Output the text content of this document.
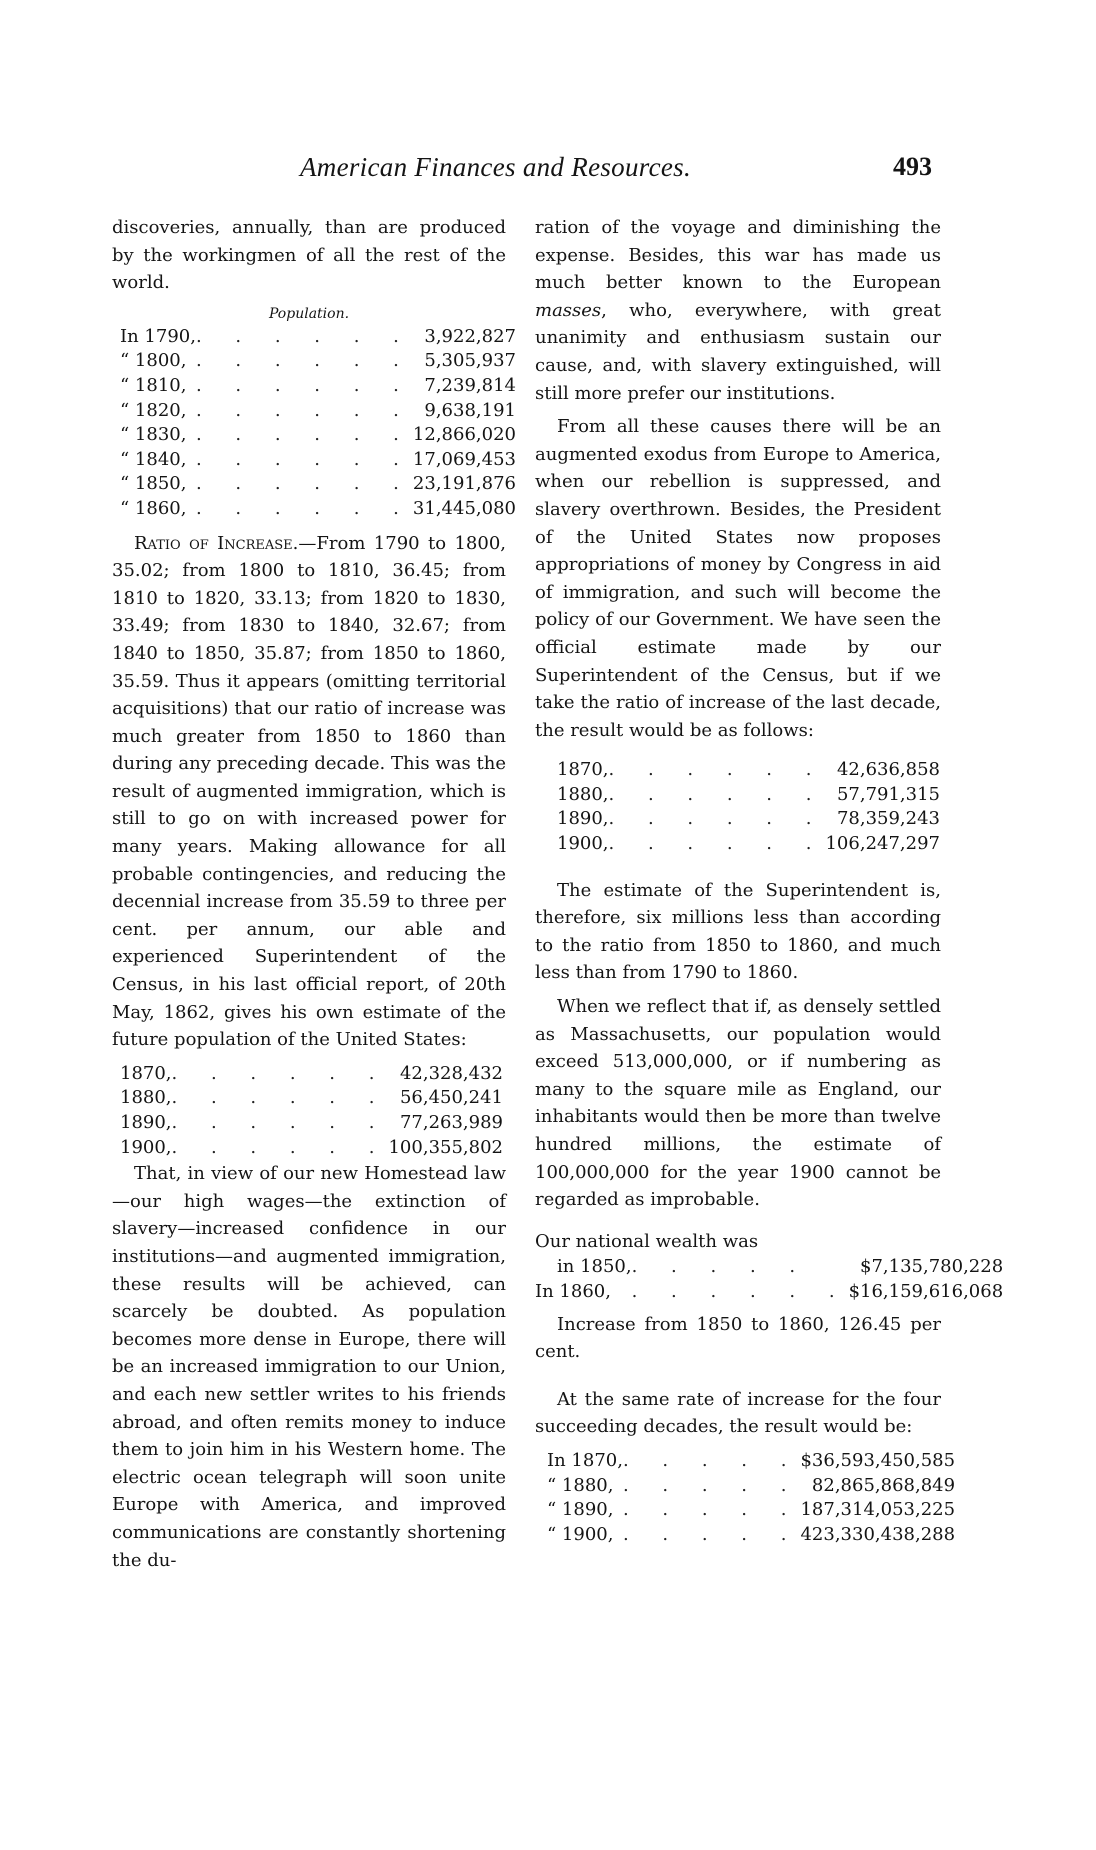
American Finances and Resources.	493

discoveries, annually, than are produced by the workingmen of all the rest of the world.

Population.
In 1790,	. . . . . .	3,922,827
“ 1800,	. . . . . .	5,305,937
“ 1810,	. . . . . .	7,239,814
“ 1820,	. . . . . .	9,638,191
“ 1830,	. . . . . .	12,866,020
“ 1840,	. . . . . .	17,069,453
“ 1850,	. . . . . .	23,191,876
“ 1860,	. . . . . .	31,445,080

Ratio of Increase.—From 1790 to 1800, 35.02; from 1800 to 1810, 36.45; from 1810 to 1820, 33.13; from 1820 to 1830, 33.49; from 1830 to 1840, 32.67; from 1840 to 1850, 35.87; from 1850 to 1860, 35.59. Thus it appears (omitting territorial acquisitions) that our ratio of increase was much greater from 1850 to 1860 than during any preceding decade. This was the result of augmented immigration, which is still to go on with increased power for many years. Making allowance for all probable contingencies, and reducing the decennial increase from 35.59 to three per cent. per annum, our able and experienced Superintendent of the Census, in his last official report, of 20th May, 1862, gives his own estimate of the future population of the United States:

1870,	. . . . . .	42,328,432
1880,	. . . . . .	56,450,241
1890,	. . . . . .	77,263,989
1900,	. . . . . .	100,355,802

That, in view of our new Homestead law—our high wages—the extinction of slavery—increased confidence in our institutions—and augmented immigration, these results will be achieved, can scarcely be doubted. As population becomes more dense in Europe, there will be an increased immigration to our Union, and each new settler writes to his friends abroad, and often remits money to induce them to join him in his Western home. The electric ocean telegraph will soon unite Europe with America, and improved communications are constantly shortening the du-

ration of the voyage and diminishing the expense. Besides, this war has made us much better known to the European masses, who, everywhere, with great unanimity and enthusiasm sustain our cause, and, with slavery extinguished, will still more prefer our institutions.

From all these causes there will be an augmented exodus from Europe to America, when our rebellion is suppressed, and slavery overthrown. Besides, the President of the United States now proposes appropriations of money by Congress in aid of immigration, and such will become the policy of our Government. We have seen the official estimate made by our Superintendent of the Census, but if we take the ratio of increase of the last decade, the result would be as follows:

1870,	. . . . . .	42,636,858
1880,	. . . . . .	57,791,315
1890,	. . . . . .	78,359,243
1900,	. . . . . .	106,247,297

The estimate of the Superintendent is, therefore, six millions less than according to the ratio from 1850 to 1860, and much less than from 1790 to 1860.

When we reflect that if, as densely settled as Massachusetts, our population would exceed 513,000,000, or if numbering as many to the square mile as England, our inhabitants would then be more than twelve hundred millions, the estimate of 100,000,000 for the year 1900 cannot be regarded as improbable.

Our national wealth was

in 1850,	. . . . .	$7,135,780,228
In 1860,	. . . . . .	$16,159,616,068

Increase from 1850 to 1860, 126.45 per cent.

At the same rate of increase for the four succeeding decades, the result would be:

In 1870,	. . . . .	$36,593,450,585
“ 1880,	. . . . .	82,865,868,849
“ 1890,	. . . . .	187,314,053,225
“ 1900,	. . . . .	423,330,438,288
